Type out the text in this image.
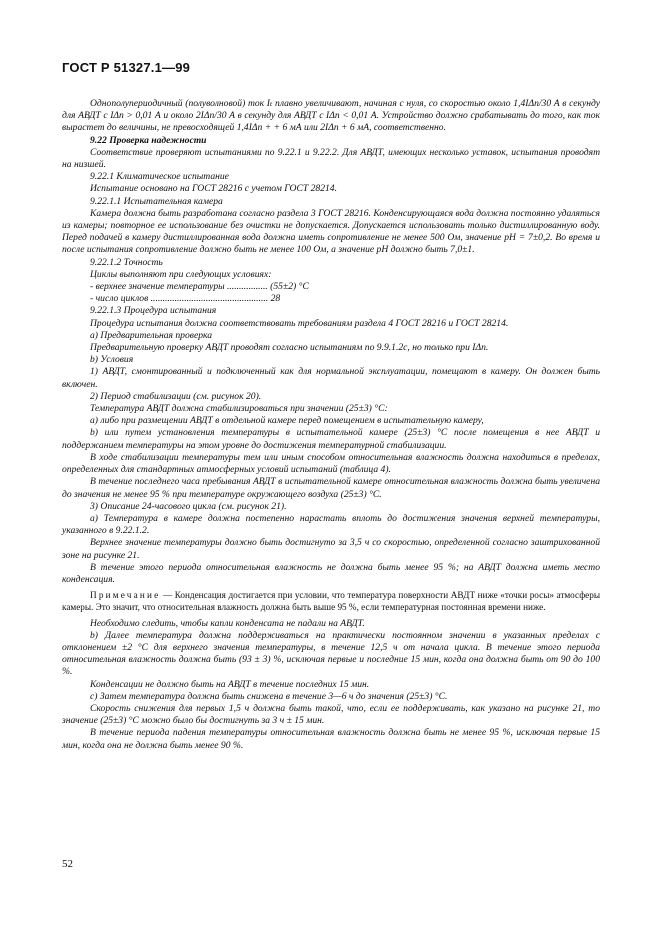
ГОСТ Р 51327.1—99

Однополупериодичный (полуволновой) ток Iₜ плавно увеличивают, начиная с нуля, со скоростью около 1,4IΔn/30 А в секунду для АВДТ с IΔn > 0,01 А и около 2IΔn/30 А в секунду для АВДТ с IΔn < 0,01 А. Устройство должно срабатывать до того, как ток вырастет до величины, не превосходящей 1,4IΔn + + 6 мА или 2IΔn + 6 мА, соответственно.

9.22 Проверка надежности

Соответствие проверяют испытаниями по 9.22.1 и 9.22.2. Для АВДТ, имеющих несколько уставок, испытания проводят на низшей.

9.22.1 Климатическое испытание

Испытание основано на ГОСТ 28216 с учетом ГОСТ 28214.

9.22.1.1 Испытательная камера

Камера должна быть разработана согласно раздела 3 ГОСТ 28216. Конденсирующаяся вода должна постоянно удаляться из камеры; повторное ее использование без очистки не допускается. Допускается использовать только дистиллированную воду. Перед подачей в камеру дистиллированная вода должна иметь сопротивление не менее 500 Ом, значение pH = 7±0,2. Во время и после испытания сопротивление должно быть не менее 100 Ом, а значение pH должно быть 7,0±1.

9.22.1.2 Точность

Циклы выполняют при следующих условиях:

- верхнее значение температуры ................. (55±2) °С

- число циклов ................................................. 28

9.22.1.3 Процедура испытания

Процедура испытания должна соответствовать требованиям раздела 4 ГОСТ 28216 и ГОСТ 28214.

а) Предварительная проверка

Предварительную проверку АВДТ проводят согласно испытаниям по 9.9.1.2c, но только при IΔn.

b) Условия

1) АВДТ, смонтированный и подключенный как для нормальной эксплуатации, помещают в камеру. Он должен быть включен.

2) Период стабилизации (см. рисунок 20).

Температура АВДТ должна стабилизироваться при значении (25±3) °С:

а) либо при размещении АВДТ в отдельной камере перед помещением в испытательную камеру,

b) или путем установления температуры в испытательной камере (25±3) °С после помещения в нее АВДТ и поддержанием температуры на этом уровне до достижения температурной стабилизации.

В ходе стабилизации температуры тем или иным способом относительная влажность должна находиться в пределах, определенных для стандартных атмосферных условий испытаний (таблица 4).

В течение последнего часа пребывания АВДТ в испытательной камере относительная влажность должна быть увеличена до значения не менее 95 % при температуре окружающего воздуха (25±3) °С.

3) Описание 24-часового цикла (см. рисунок 21).

а) Температура в камере должна постепенно нарастать вплоть до достижения значения верхней температуры, указанного в 9.22.1.2.

Верхнее значение температуры должно быть достигнуто за 3,5 ч со скоростью, определенной согласно заштрихованной зоне на рисунке 21.

В течение этого периода относительная влажность не должна быть менее 95 %; на АВДТ должна иметь место конденсация.

Примечание — Конденсация достигается при условии, что температура поверхности АВДТ ниже «точки росы» атмосферы камеры. Это значит, что относительная влажность должна быть выше 95 %, если температурная постоянная времени ниже.

Необходимо следить, чтобы капли конденсата не падали на АВДТ.

b) Далее температура должна поддерживаться на практически постоянном значении в указанных пределах с отклонением ±2 °С для верхнего значения температуры, в течение 12,5 ч от начала цикла. В течение этого периода относительная влажность должна быть (93 ± 3) %, исключая первые и последние 15 мин, когда она должна быть от 90 до 100 %.

Конденсации не должно быть на АВДТ в течение последних 15 мин.

c) Затем температура должна быть снижена в течение 3—6 ч до значения (25±3) °С.

Скорость снижения для первых 1,5 ч должна быть такой, что, если ее поддерживать, как указано на рисунке 21, то значение (25±3) °С можно было бы достигнуть за 3 ч ± 15 мин.

В течение периода падения температуры относительная влажность должна быть не менее 95 %, исключая первые 15 мин, когда она не должна быть менее 90 %.

52
